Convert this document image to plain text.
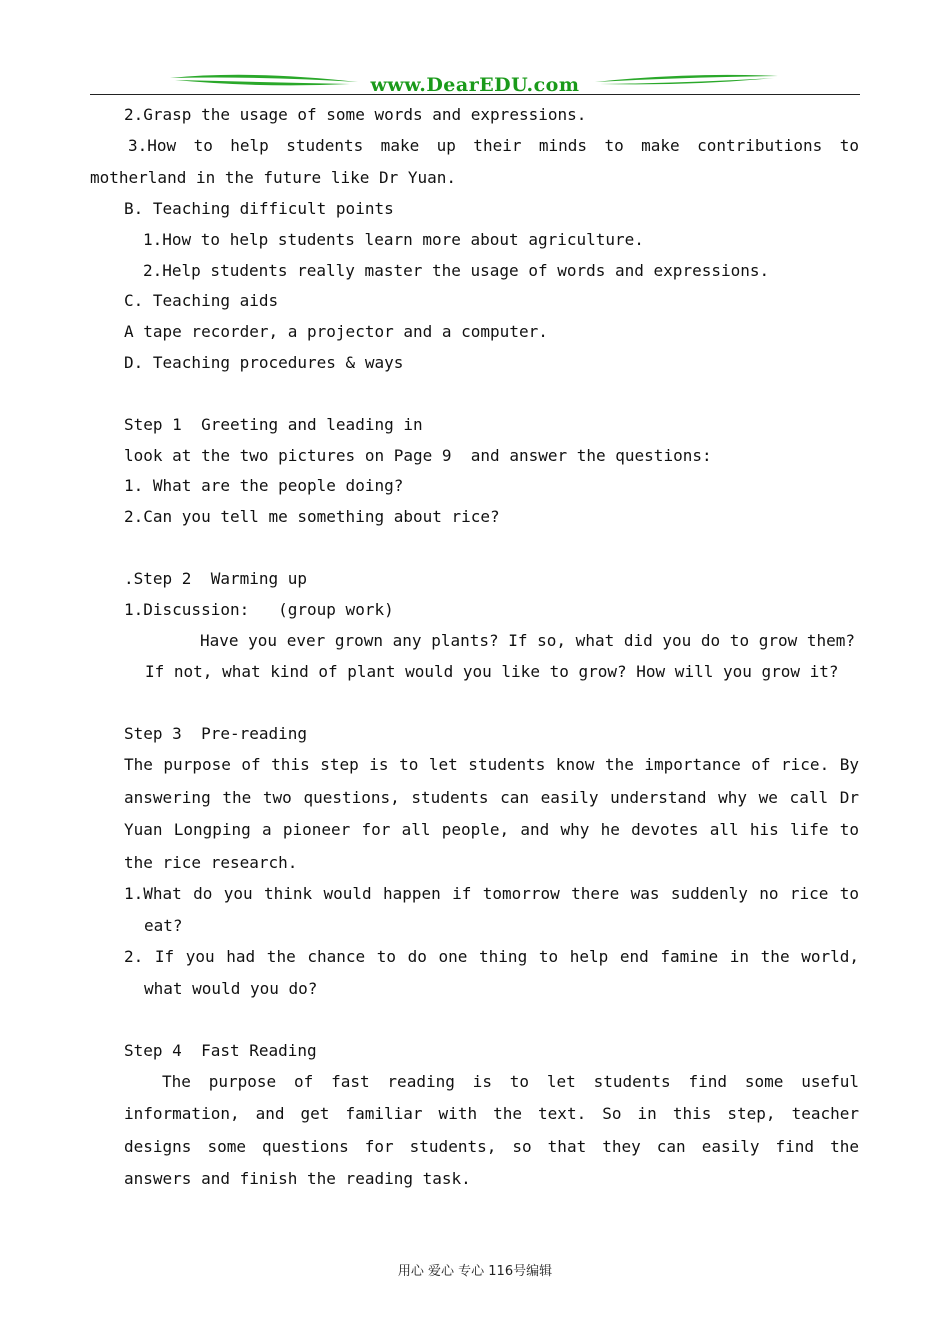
www.DearEDU.com
2.Grasp the usage of some words and expressions.
3.How to help students make up their minds to make contributions to
motherland in the future like Dr Yuan.
B. Teaching difficult points
1.How to help students learn more about agriculture.
2.Help students really master the usage of words and expressions.
C. Teaching aids
A tape recorder, a projector and a computer.
D. Teaching procedures & ways
Step 1  Greeting and leading in
look at the two pictures on Page 9  and answer the questions:
1. What are the people doing?
2.Can you tell me something about rice?
.Step 2  Warming up
1.Discussion:   (group work)
Have you ever grown any plants? If so, what did you do to grow them?
If not, what kind of plant would you like to grow? How will you grow it?
Step 3  Pre-reading
The purpose of this step is to let students know the importance of rice. By
answering the two questions, students can easily understand why we call Dr
Yuan Longping a pioneer for all people, and why he devotes all his life to
the rice research.
1.What do you think would happen if tomorrow there was suddenly no rice to
eat?
2. If you had the chance to do one thing to help end famine in the world,
what would you do?
Step 4  Fast Reading
The purpose of fast reading is to let students find some useful
information, and get familiar with the text. So in this step, teacher
designs some questions for students, so that they can easily find the
answers and finish the reading task.
用心 爱心 专心 116号编辑
